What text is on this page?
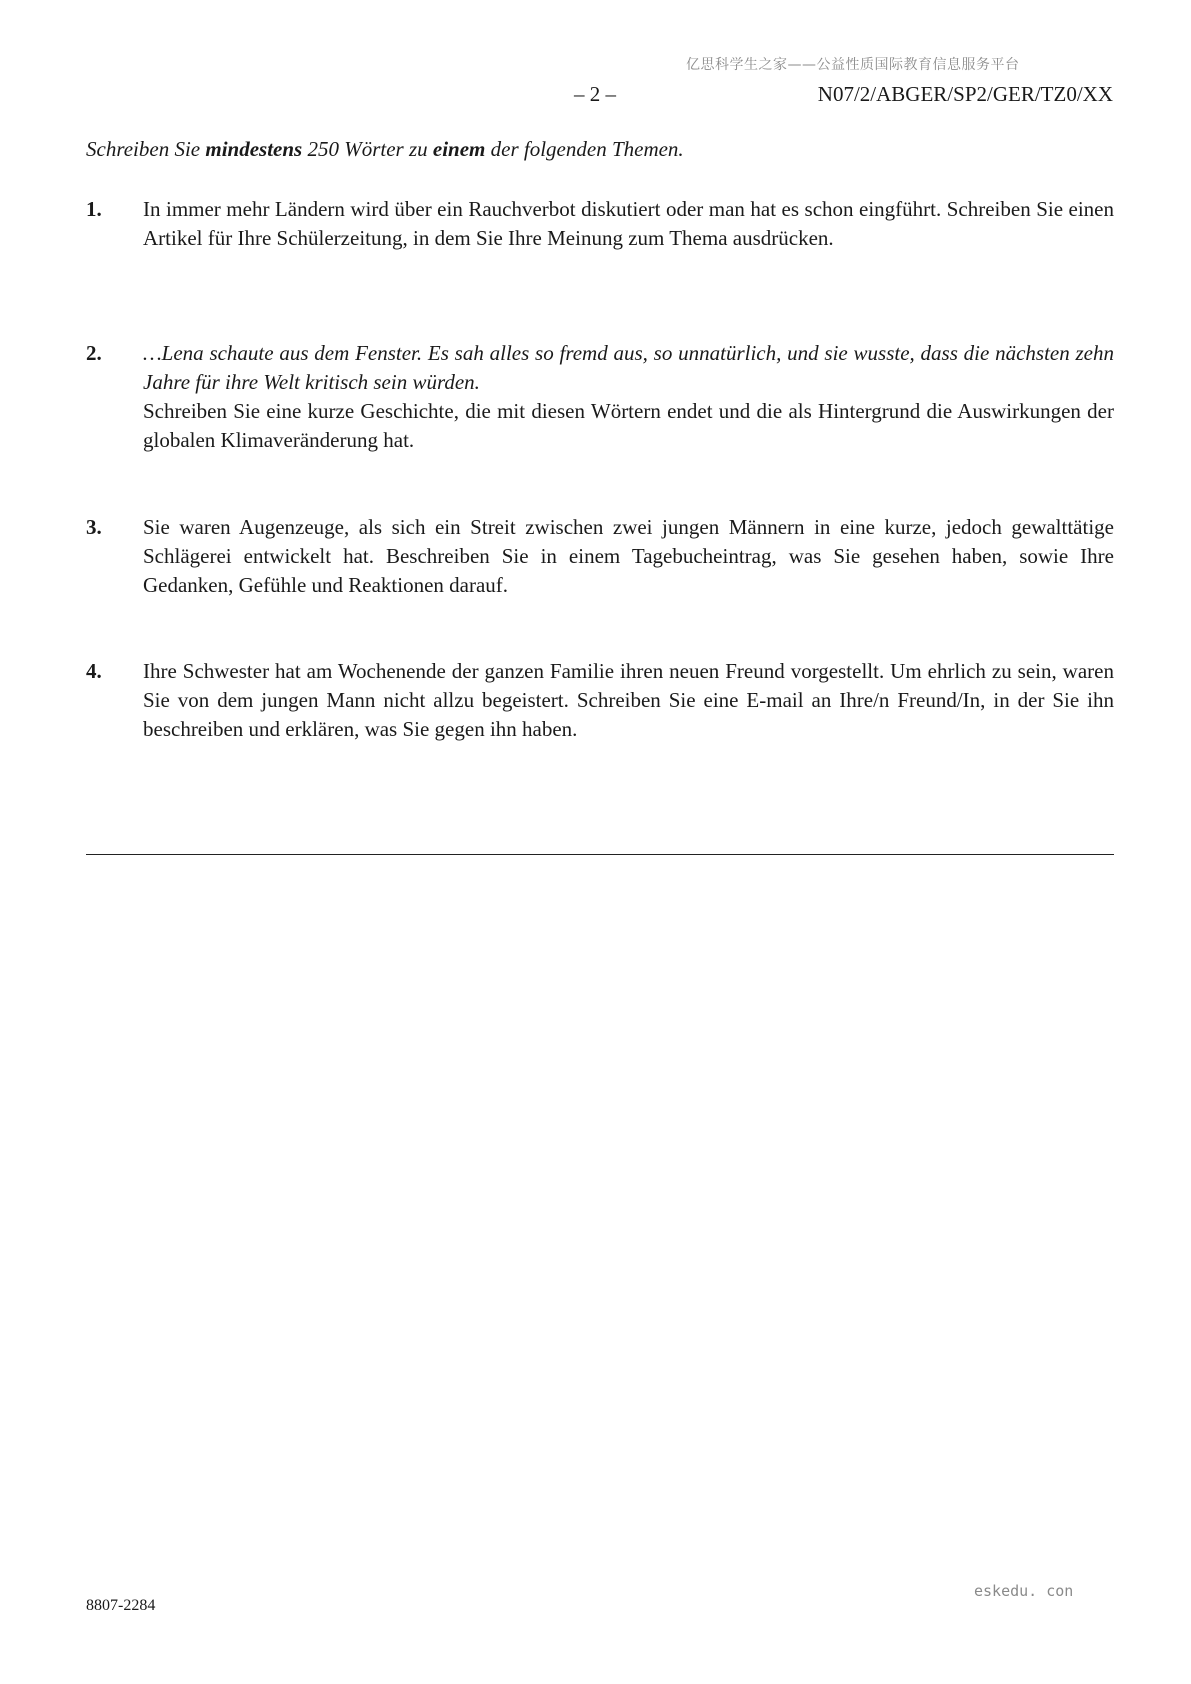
亿思科学生之家——公益性质国际教育信息服务平台
– 2 –	N07/2/ABGER/SP2/GER/TZ0/XX
Schreiben Sie mindestens 250 Wörter zu einem der folgenden Themen.
1. In immer mehr Ländern wird über ein Rauchverbot diskutiert oder man hat es schon eingführt. Schreiben Sie einen Artikel für Ihre Schülerzeitung, in dem Sie Ihre Meinung zum Thema ausdrücken.

2. …Lena schaute aus dem Fenster. Es sah alles so fremd aus, so unnatürlich, und sie wusste, dass die nächsten zehn Jahre für ihre Welt kritisch sein würden.

Schreiben Sie eine kurze Geschichte, die mit diesen Wörtern endet und die als Hintergrund die Auswirkungen der globalen Klimaveränderung hat.

3. Sie waren Augenzeuge, als sich ein Streit zwischen zwei jungen Männern in eine kurze, jedoch gewalttätige Schlägerei entwickelt hat. Beschreiben Sie in einem Tagebucheintrag, was Sie gesehen haben, sowie Ihre Gedanken, Gefühle und Reaktionen darauf.

4. Ihre Schwester hat am Wochenende der ganzen Familie ihren neuen Freund vorgestellt. Um ehrlich zu sein, waren Sie von dem jungen Mann nicht allzu begeistert. Schreiben Sie eine E-mail an Ihre/n Freund/In, in der Sie ihn beschreiben und erklären, was Sie gegen ihn haben.

eskedu. con
8807-2284
